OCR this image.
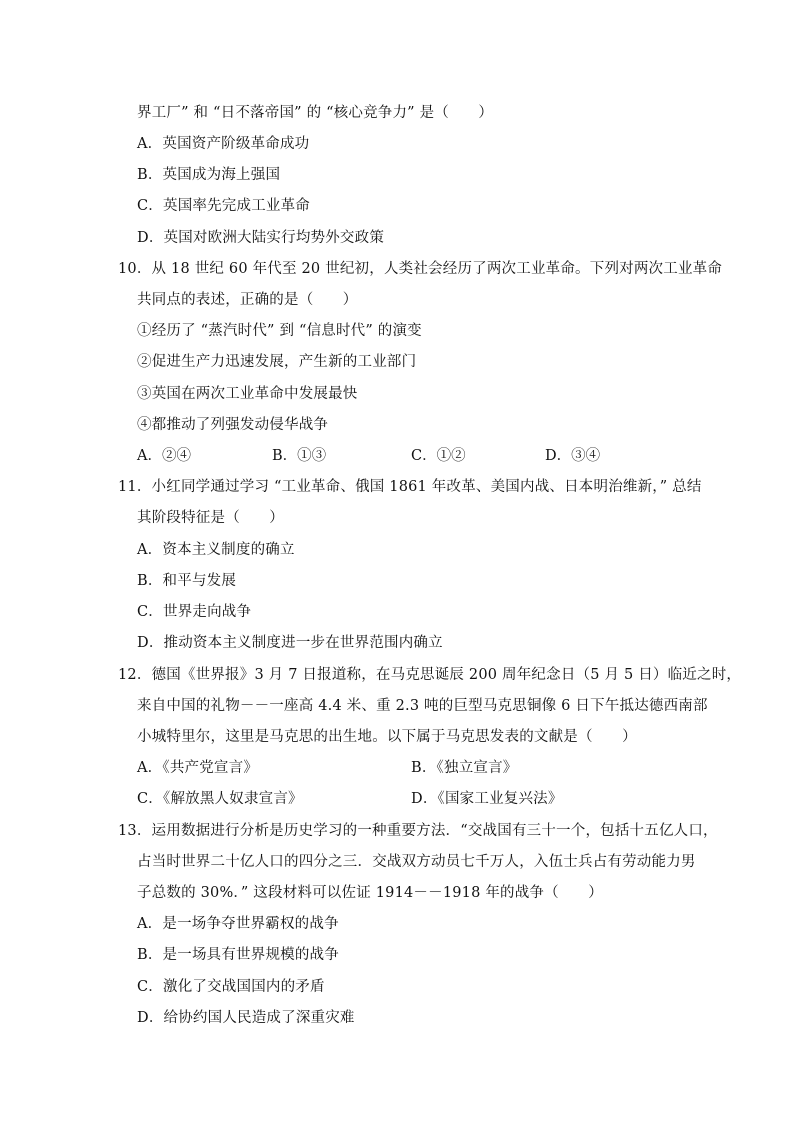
界工厂” 和 “日不落帝国” 的 “核心竞争力” 是（　　）
A．英国资产阶级革命成功
B．英国成为海上强国
C．英国率先完成工业革命
D．英国对欧洲大陆实行均势外交政策
10．从 18 世纪 60 年代至 20 世纪初，人类社会经历了两次工业革命。下列对两次工业革命
共同点的表述，正确的是（　　）
①经历了 “蒸汽时代” 到 “信息时代” 的演变
②促进生产力迅速发展，产生新的工业部门
③英国在两次工业革命中发展最快
④都推动了列强发动侵华战争
A．②④	B．①③	C．①②	D．③④
11．小红同学通过学习 “工业革命、俄国 1861 年改革、美国内战、日本明治维新，” 总结
其阶段特征是（　　）
A．资本主义制度的确立
B．和平与发展
C．世界走向战争
D．推动资本主义制度进一步在世界范围内确立
12．德国《世界报》3 月 7 日报道称，在马克思诞辰 200 周年纪念日（5 月 5 日）临近之时，
来自中国的礼物－－一座高 4.4 米、重 2.3 吨的巨型马克思铜像 6 日下午抵达德西南部
小城特里尔，这里是马克思的出生地。以下属于马克思发表的文献是（　　）
A．《共产党宣言》	B．《独立宣言》
C．《解放黑人奴隶宣言》	D．《国家工业复兴法》
13．运用数据进行分析是历史学习的一种重要方法．“交战国有三十一个，包括十五亿人口，
占当时世界二十亿人口的四分之三．交战双方动员七千万人，入伍士兵占有劳动能力男
子总数的 30%．” 这段材料可以佐证 1914－－1918 年的战争（　　）
A．是一场争夺世界霸权的战争
B．是一场具有世界规模的战争
C．激化了交战国国内的矛盾
D．给协约国人民造成了深重灾难
